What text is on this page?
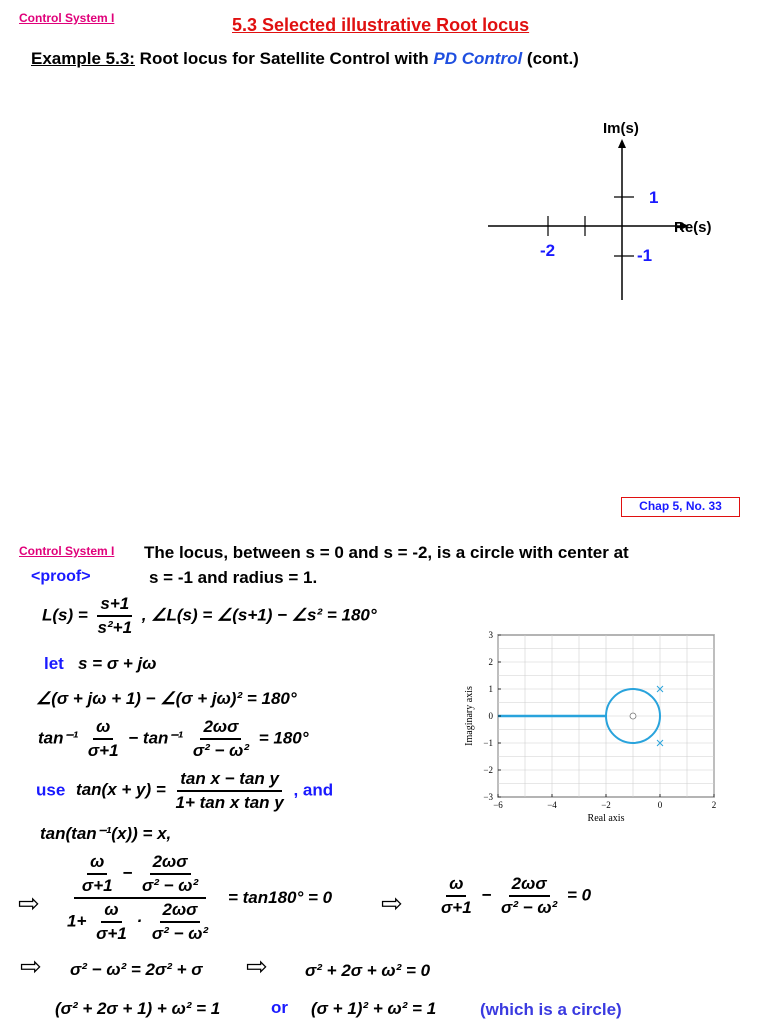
Control System I	5.3 Selected illustrative Root locus
Example 5.3: Root locus for Satellite Control with PD Control (cont.)
Im(s)
Re(s)
1
-1
-2
Chap 5, No. 33
Control System I The locus, between s = 0 and s = -2, is a circle with center at
<proof>	s = -1 and radius = 1.
$L(s) = \frac{s+1}{\text{s²+1}}$ , ∠L(s) = ∠(s+1) − ∠s² = 180°
let s = σ + jω
∠(σ + jω + 1) − ∠(σ + jω)² = 180°
$\tan^{-1} \frac{\omega}{\sigma+1} - \tan^{-1} \frac{2\omega\sigma}{\text{σ² − ω²}} = 180^\circ$
use $\tan(x + y) = \frac{\text{tan x − tan y}}{\text{1+ tan x tan y}}$ , and
tan(tan⁻¹(x)) = x,
⇨ $\frac{\frac{\omega}{\sigma+1} - \frac{2\omega\sigma}{\text{σ² − ω²}}}{1+ \frac{\omega}{\sigma+1} \cdot \frac{2\omega\sigma}{\text{σ² − ω²}}} = \tan 180^\circ = 0$ ⇨ $\frac{\omega}{\sigma+1} - \frac{2\omega\sigma}{\text{σ² − ω²}} = 0$
⇨ σ² − ω² = 2σ² + σ ⇨ σ² + 2σ + ω² = 0
(σ² + 2σ + 1) + ω² = 1	or (σ + 1)² + ω² = 1	(which is a circle)
−6	−4	−2	0	2
3
2
1
0
−1
−2
−3
Real axis
Imaginary axis
